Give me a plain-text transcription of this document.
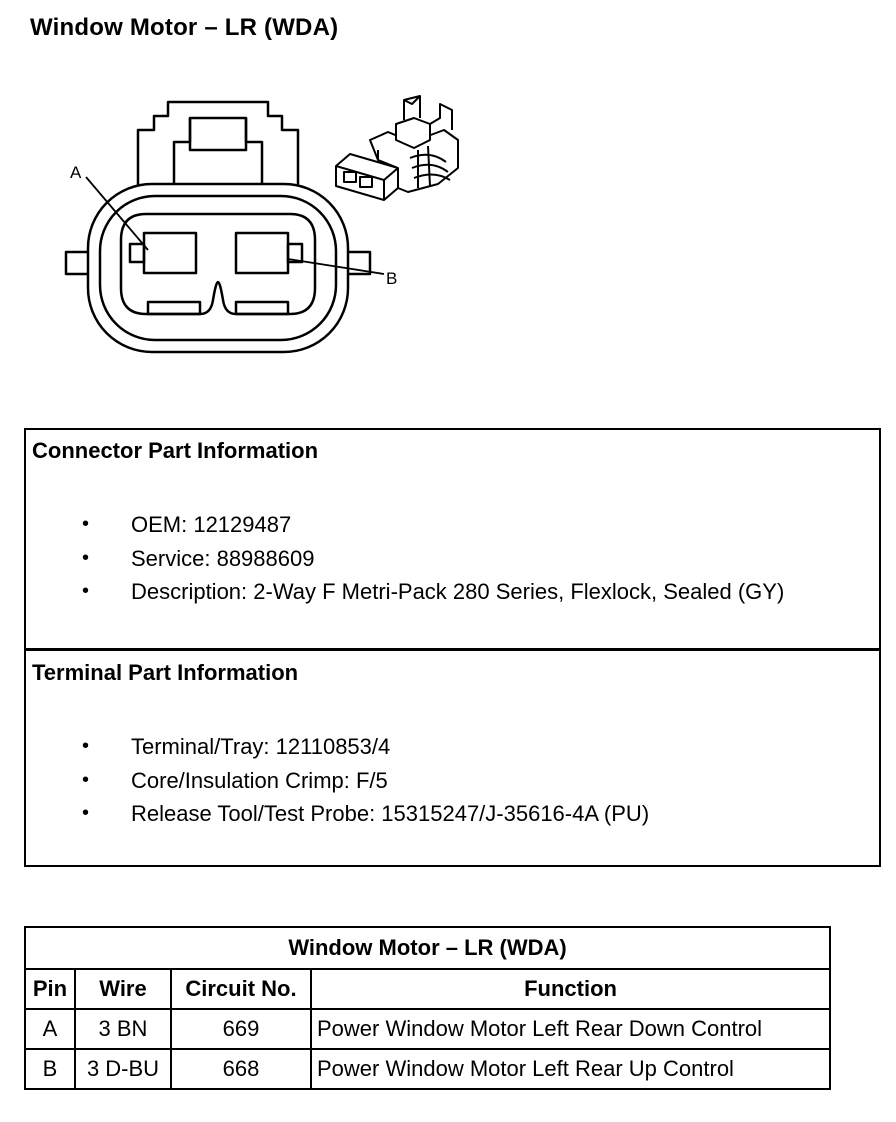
Window Motor – LR (WDA)
A
B
Connector Part Information
• OEM: 12129487
• Service: 88988609
• Description: 2-Way F Metri-Pack 280 Series, Flexlock, Sealed (GY)
Terminal Part Information
• Terminal/Tray: 12110853/4
• Core/Insulation Crimp: F/5
• Release Tool/Test Probe: 15315247/J-35616-4A (PU)
Window Motor – LR (WDA)			
Pin	Wire	Circuit No.	Function
A	3 BN	669	Power Window Motor Left Rear Down Control
B	3 D-BU	668	Power Window Motor Left Rear Up Control
